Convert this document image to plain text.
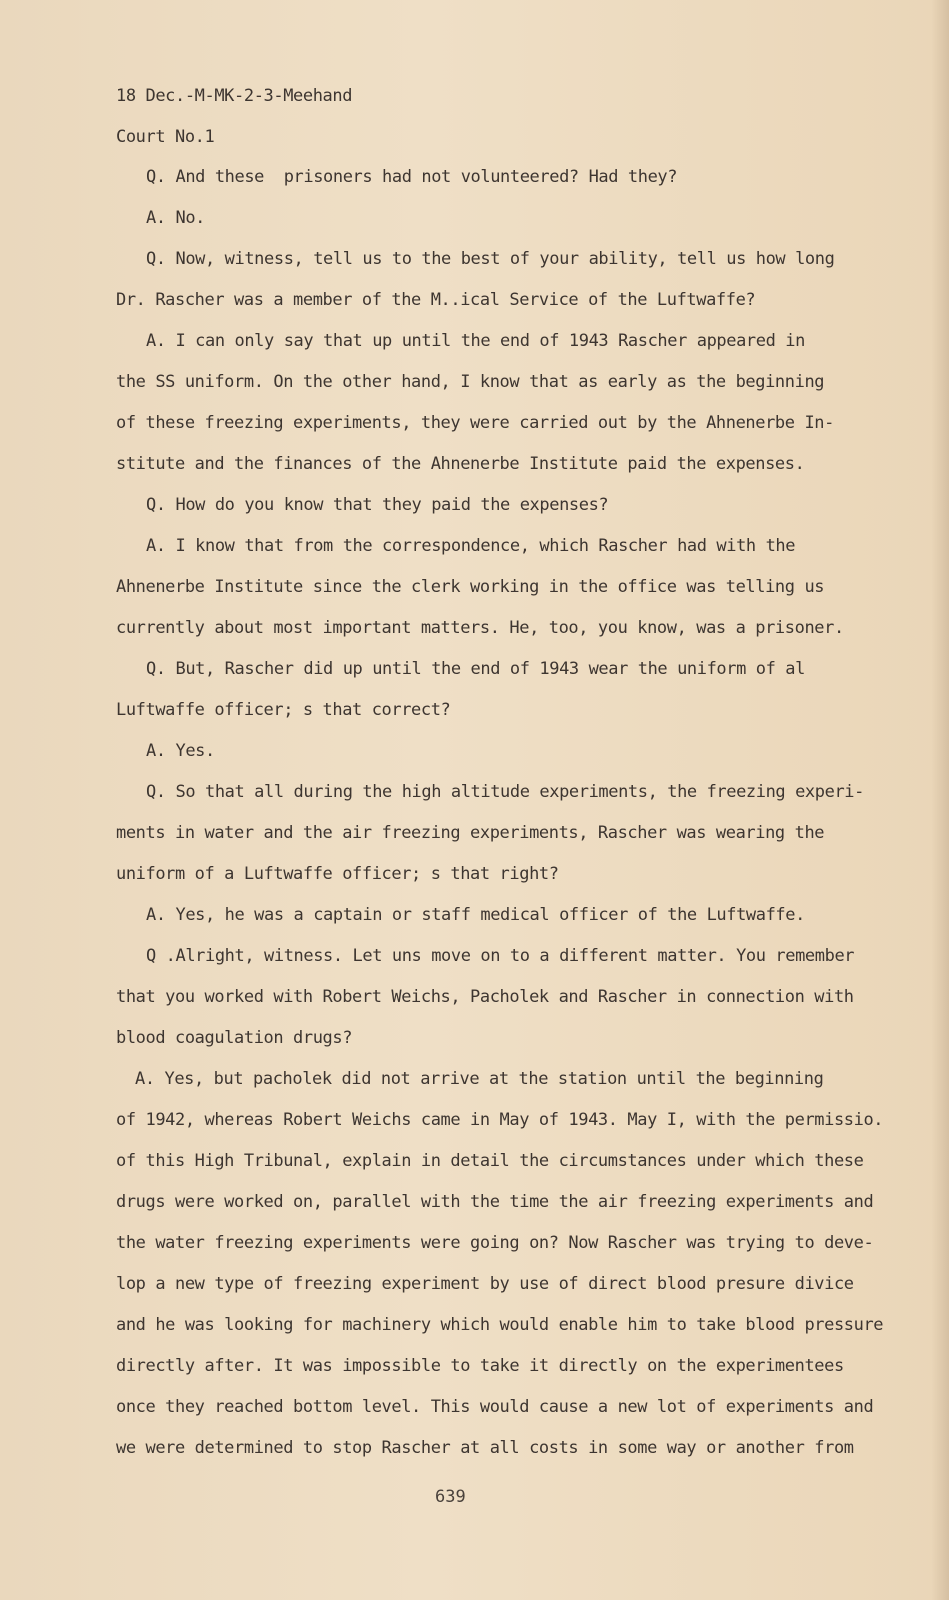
18 Dec.-M-MK-2-3-Meehand
Court No.1
Q. And these  prisoners had not volunteered? Had they?
A. No.
Q. Now, witness, tell us to the best of your ability, tell us how long
Dr. Rascher was a member of the M..ical Service of the Luftwaffe?
A. I can only say that up until the end of 1943 Rascher appeared in
the SS uniform. On the other hand, I know that as early as the beginning
of these freezing experiments, they were carried out by the Ahnenerbe In-
stitute and the finances of the Ahnenerbe Institute paid the expenses.
Q. How do you know that they paid the expenses?
A. I know that from the correspondence, which Rascher had with the
Ahnenerbe Institute since the clerk working in the office was telling us
currently about most important matters. He, too, you know, was a prisoner.
Q. But, Rascher did up until the end of 1943 wear the uniform of al
Luftwaffe officer; s that correct?
A. Yes.
Q. So that all during the high altitude experiments, the freezing experi-
ments in water and the air freezing experiments, Rascher was wearing the
uniform of a Luftwaffe officer; s that right?
A. Yes, he was a captain or staff medical officer of the Luftwaffe.
Q .Alright, witness. Let uns move on to a different matter. You remember
that you worked with Robert Weichs, Pacholek and Rascher in connection with
blood coagulation drugs?
A. Yes, but pacholek did not arrive at the station until the beginning
of 1942, whereas Robert Weichs came in May of 1943. May I, with the permissio.
of this High Tribunal, explain in detail the circumstances under which these
drugs were worked on, parallel with the time the air freezing experiments and
the water freezing experiments were going on? Now Rascher was trying to deve-
lop a new type of freezing experiment by use of direct blood presure divice
and he was looking for machinery which would enable him to take blood pressure
directly after. It was impossible to take it directly on the experimentees
once they reached bottom level. This would cause a new lot of experiments and
we were determined to stop Rascher at all costs in some way or another from
639
